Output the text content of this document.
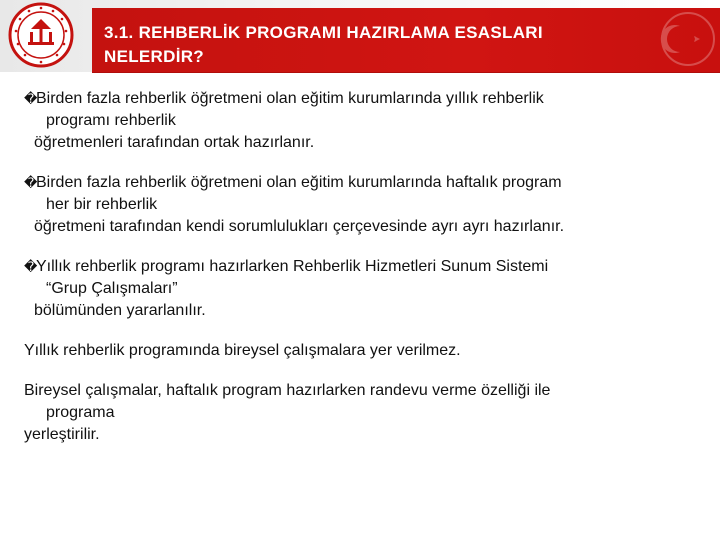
3.1. REHBERLİK PROGRAMI HAZIRLAMA ESASLARI
NELERDİR?
�Birden fazla rehberlik öğretmeni olan eğitim kurumlarında yıllık rehberlik
programı rehberlik
öğretmenleri tarafından ortak hazırlanır.
�Birden fazla rehberlik öğretmeni olan eğitim kurumlarında haftalık program
her bir rehberlik
öğretmeni tarafından kendi sorumlulukları çerçevesinde ayrı ayrı hazırlanır.
�Yıllık rehberlik programı hazırlarken Rehberlik Hizmetleri Sunum Sistemi
“Grup Çalışmaları”
bölümünden yararlanılır.
Yıllık rehberlik programında bireysel çalışmalara yer verilmez.
Bireysel çalışmalar, haftalık program hazırlarken randevu verme özelliği ile
programa
yerleştirilir.
